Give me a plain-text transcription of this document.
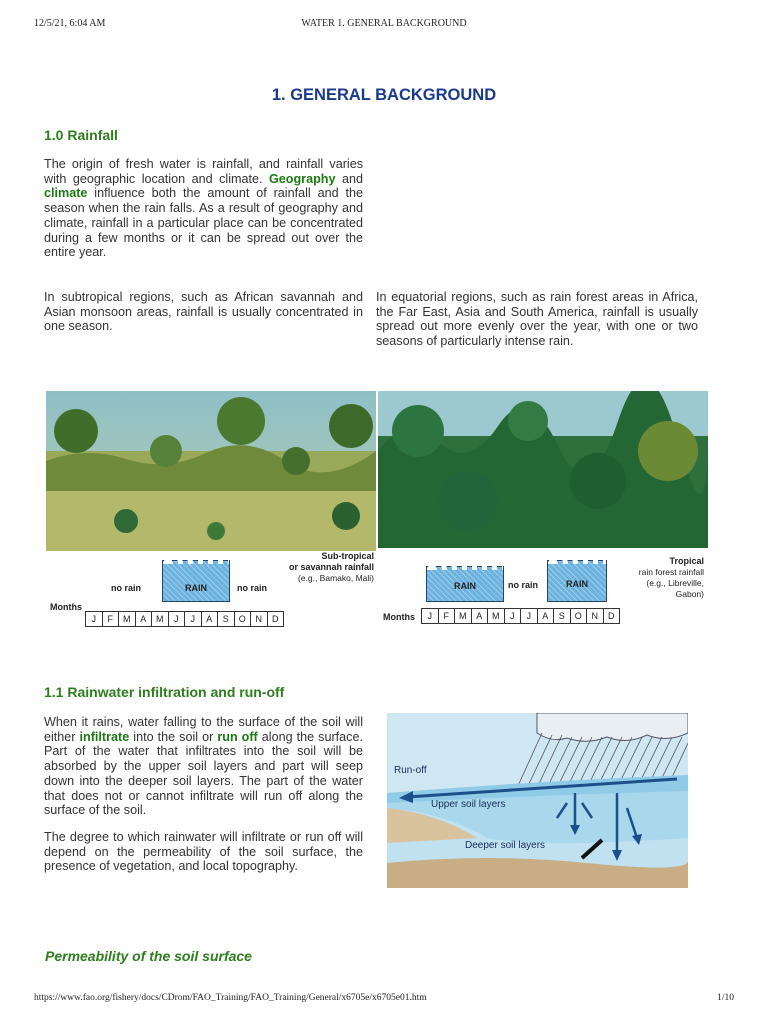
12/5/21, 6:04 AM	WATER 1. GENERAL BACKGROUND
1. GENERAL BACKGROUND
1.0 Rainfall

The origin of fresh water is rainfall, and rainfall varies with geographic location and climate. Geography and climate influence both the amount of rainfall and the season when the rain falls. As a result of geography and climate, rainfall in a particular place can be concentrated during a few months or it can be spread out over the entire year.

In subtropical regions, such as African savannah and Asian monsoon areas, rainfall is usually concentrated in one season.

In equatorial regions, such as rain forest areas in Africa, the Far East, Asia and South America, rainfall is usually spread out more evenly over the year, with one or two seasons of particularly intense rain.

Sub-tropical
or savannah rainfall
(e.g., Bamako, Mali)
no rain	RAIN	no rain
Months
J	F	M	A	M	J	J	A	S	O	N	D
RAIN	no rain	RAIN
Tropical
rain forest rainfall
(e.g., Libreville,
Gabon)
Months	J	F	M	A	M	J	J	A	S	O	N	D
1.1 Rainwater infiltration and run-off

When it rains, water falling to the surface of the soil will either infiltrate into the soil or run off along the surface. Part of the water that infiltrates into the soil will be absorbed by the upper soil layers and part will seep down into the deeper soil layers. The part of the water that does not or cannot infiltrate will run off along the surface of the soil.

The degree to which rainwater will infiltrate or run off will depend on the permeability of the soil surface, the presence of vegetation, and local topography.

Run-off
Upper soil layers
Deeper soil layers
Permeability of the soil surface
https://www.fao.org/fishery/docs/CDrom/FAO_Training/FAO_Training/General/x6705e/x6705e01.htm	1/10
